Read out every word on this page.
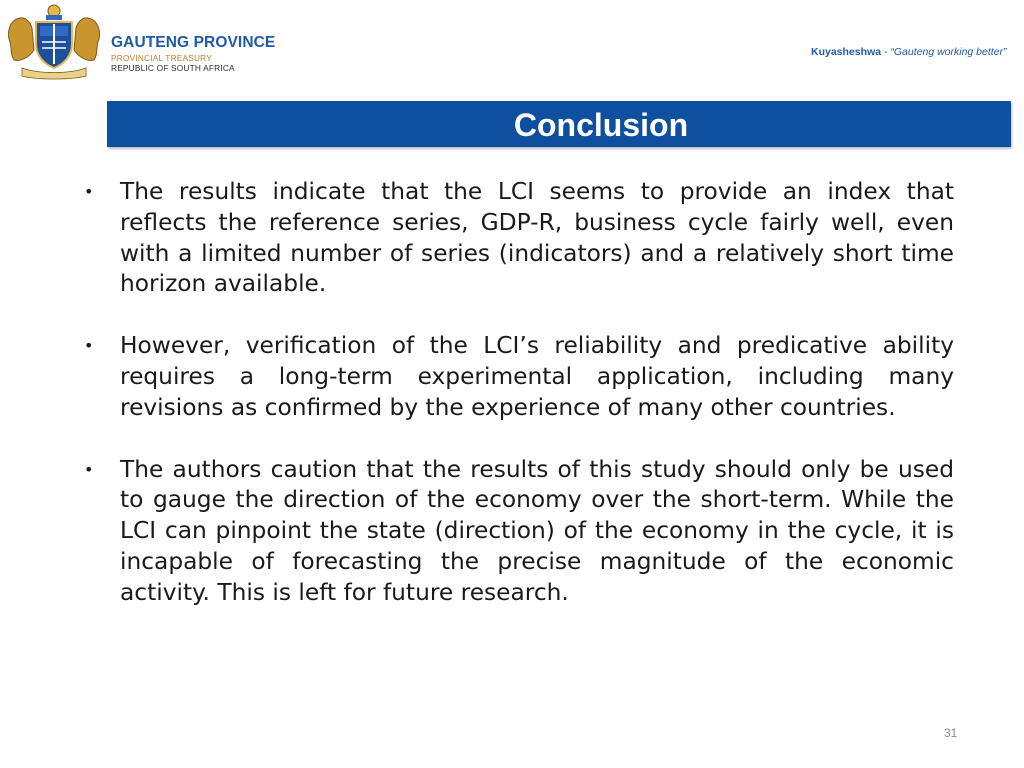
GAUTENG PROVINCE
PROVINCIAL TREASURY
REPUBLIC OF SOUTH AFRICA
Kuyasheshwa - “Gauteng working better”
Conclusion
• The results indicate that the LCI seems to provide an index that reflects the reference series, GDP-R, business cycle fairly well, even with a limited number of series (indicators) and a relatively short time horizon available.
• However, verification of the LCI’s reliability and predicative ability requires a long-term experimental application, including many revisions as confirmed by the experience of many other countries.
• The authors caution that the results of this study should only be used to gauge the direction of the economy over the short-term. While the LCI can pinpoint the state (direction) of the economy in the cycle, it is incapable of forecasting the precise magnitude of the economic activity. This is left for future research.
31
